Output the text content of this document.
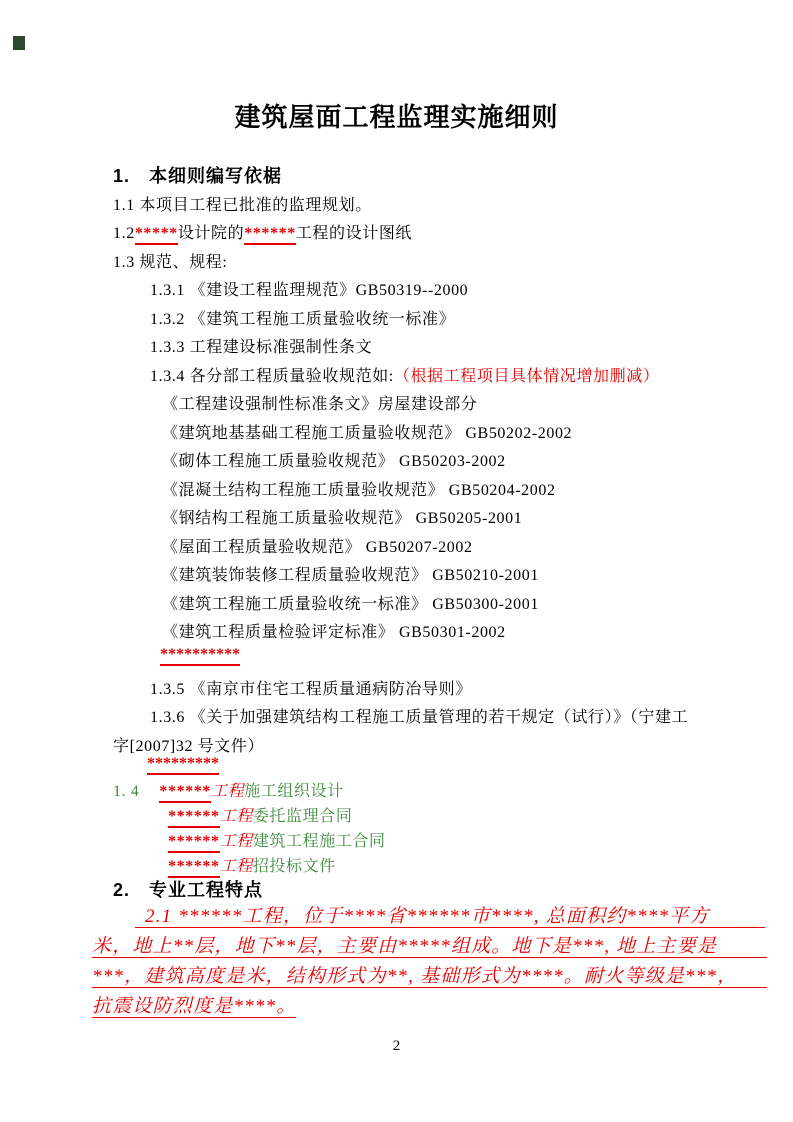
建筑屋面工程监理实施细则
1.　本细则编写依椐
1.1 本项目工程已批准的监理规划。
1.2*****设计院的******工程的设计图纸
1.3 规范、规程:
1.3.1 《建设工程监理规范》GB50319--2000
1.3.2 《建筑工程施工质量验收统一标准》
1.3.3 工程建设标准强制性条文
1.3.4 各分部工程质量验收规范如:（根据工程项目具体情况增加删减）
《工程建设强制性标准条文》房屋建设部分
《建筑地基基础工程施工质量验收规范》 GB50202-2002
《砌体工程施工质量验收规范》 GB50203-2002
《混凝土结构工程施工质量验收规范》 GB50204-2002
《钢结构工程施工质量验收规范》 GB50205-2001
《屋面工程质量验收规范》 GB50207-2002
《建筑装饰装修工程质量验收规范》 GB50210-2001
《建筑工程施工质量验收统一标准》 GB50300-2001
《建筑工程质量检验评定标准》 GB50301-2002
**********
1.3.5 《南京市住宅工程质量通病防冶导则》
1.3.6 《关于加强建筑结构工程施工质量管理的若干规定（试行）》（宁建工
字[2007]32 号文件）
*********
1. 4 ******工程施工组织设计
******工程委托监理合同
******工程建筑工程施工合同
******工程招投标文件
2.　专业工程特点
2.1 ******工程，位于****省******市****, 总面积约****平方
米，地上**层，地下**层，主要由*****组成。地下是***, 地上主要是
***，建筑高度是米，结构形式为**, 基础形式为****。耐火等级是***，
抗震设防烈度是****。
2
